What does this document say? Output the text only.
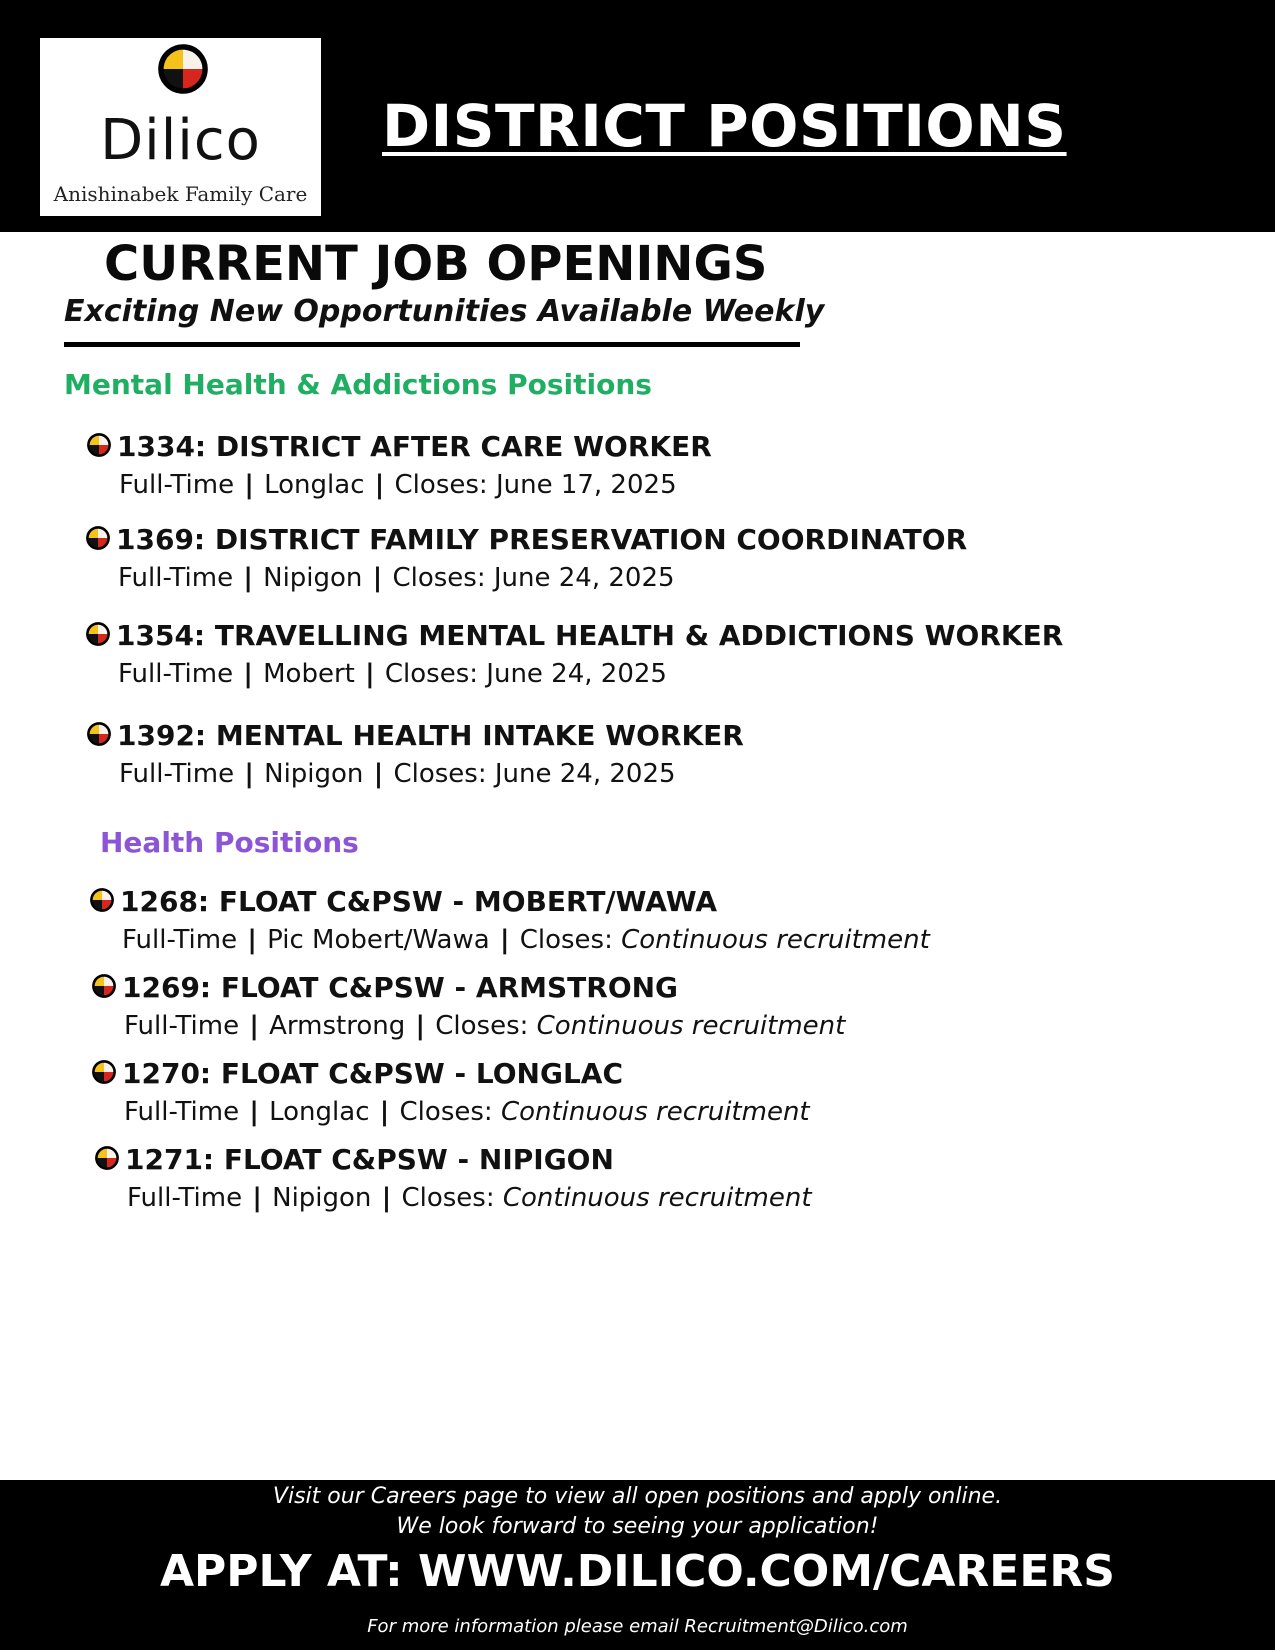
Dilico
Anishinabek Family Care
DISTRICT POSITIONS
CURRENT JOB OPENINGS
Exciting New Opportunities Available Weekly
Mental Health & Addictions Positions
1334: DISTRICT AFTER CARE WORKER
Full-Time | Longlac | Closes: June 17, 2025
1369: DISTRICT FAMILY PRESERVATION COORDINATOR
Full-Time | Nipigon | Closes: June 24, 2025
1354: TRAVELLING MENTAL HEALTH & ADDICTIONS WORKER
Full-Time | Mobert | Closes: June 24, 2025
1392: MENTAL HEALTH INTAKE WORKER
Full-Time | Nipigon | Closes: June 24, 2025
Health Positions
1268: FLOAT C&PSW - MOBERT/WAWA
Full-Time | Pic Mobert/Wawa | Closes: Continuous recruitment
1269: FLOAT C&PSW - ARMSTRONG
Full-Time | Armstrong | Closes: Continuous recruitment
1270: FLOAT C&PSW - LONGLAC
Full-Time | Longlac | Closes: Continuous recruitment
1271: FLOAT C&PSW - NIPIGON
Full-Time | Nipigon | Closes: Continuous recruitment
Visit our Careers page to view all open positions and apply online.
We look forward to seeing your application!
APPLY AT: WWW.DILICO.COM/CAREERS
For more information please email Recruitment@Dilico.com
